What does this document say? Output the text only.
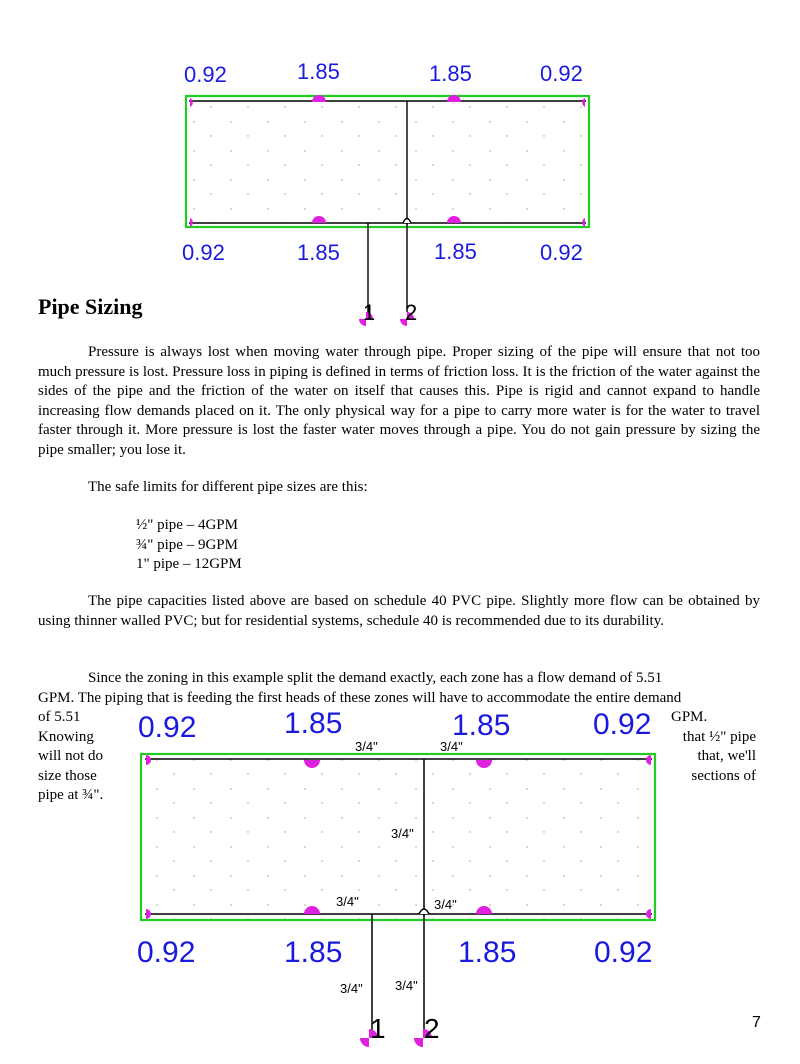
0.92	1.85	1.85	0.92
0.92	1.85	1.85	0.92
1 2
0.92	1.85	1.85	0.92
0.92	1.85	1.85	0.92
3/4"	3/4"
3/4"
3/4"	3/4"
3/4" 3/4"
1 2
Pipe Sizing
Pressure is always lost when moving water through pipe. Proper sizing of the pipe will ensure that not too much pressure is lost. Pressure loss in piping is defined in terms of friction loss. It is the friction of the water against the sides of the pipe and the friction of the water on itself that causes this. Pipe is rigid and cannot expand to handle increasing flow demands placed on it. The only physical way for a pipe to carry more water is for the water to travel faster through it. More pressure is lost the faster water moves through a pipe. You do not gain pressure by sizing the pipe smaller; you lose it.
The safe limits for different pipe sizes are this:
½" pipe – 4GPM
¾" pipe – 9GPM
1" pipe – 12GPM
The pipe capacities listed above are based on schedule 40 PVC pipe. Slightly more flow can be obtained by using thinner walled PVC; but for residential systems, schedule 40 is recommended due to its durability.
Since the zoning in this example split the demand exactly, each zone has a flow demand of 5.51
GPM. The piping that is feeding the first heads of these zones will have to accommodate the entire demand
of 5.51
Knowing
will not do
size those
pipe at ¾".
GPM.
that ½" pipe
that, we'll
sections of
7
